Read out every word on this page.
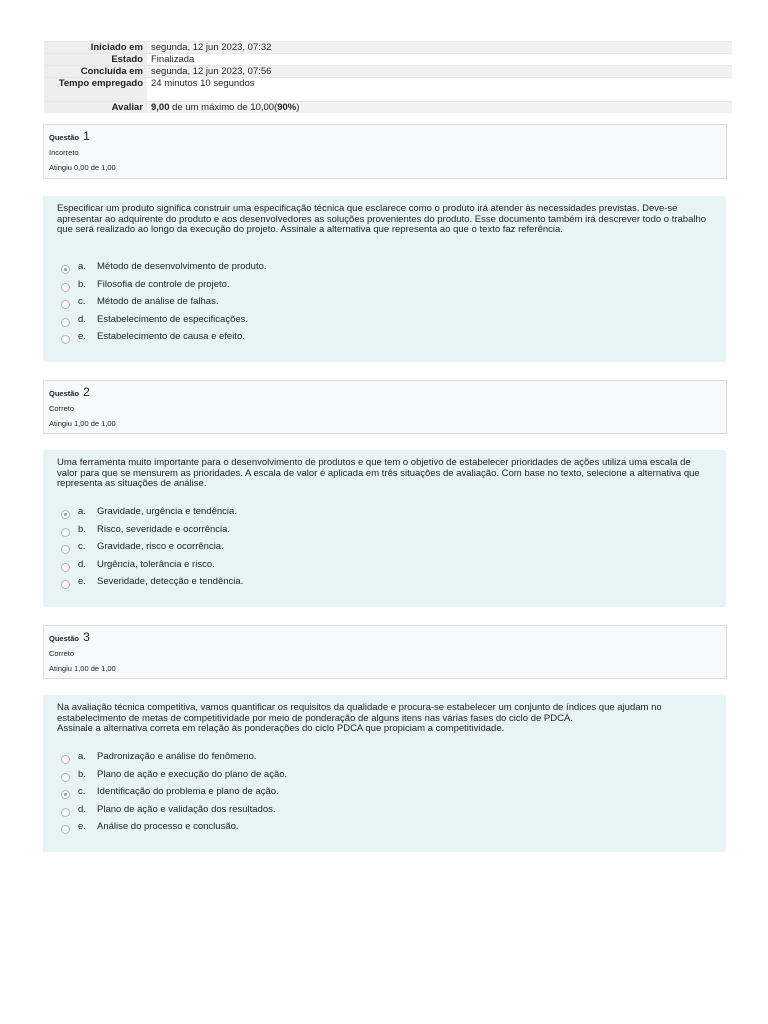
Iniciado em	segunda, 12 jun 2023, 07:32
Estado	Finalizada
Concluída em	segunda, 12 jun 2023, 07:56
Tempo empregado	24 minutos 10 segundos
Avaliar	9,00 de um máximo de 10,00(90%)
Questão 1
Incorreto
Atingiu 0,00 de 1,00
Especificar um produto significa construir uma especificação técnica que esclarece como o produto irá atender às necessidades previstas. Deve-se apresentar ao adquirente do produto e aos desenvolvedores as soluções provenientes do produto. Esse documento também irá descrever todo o trabalho que será realizado ao longo da execução do projeto. Assinale a alternativa que representa ao que o texto faz referência.
a. Método de desenvolvimento de produto.
b. Filosofia de controle de projeto.
c. Método de análise de falhas.
d. Estabelecimento de especificações.
e. Estabelecimento de causa e efeito.
Questão 2
Correto
Atingiu 1,00 de 1,00
Uma ferramenta muito importante para o desenvolvimento de produtos e que tem o objetivo de estabelecer prioridades de ações utiliza uma escala de valor para que se mensurem as prioridades. A escala de valor é aplicada em três situações de avaliação. Com base no texto, selecione a alternativa que representa as situações de análise.
a. Gravidade, urgência e tendência.
b. Risco, severidade e ocorrência.
c. Gravidade, risco e ocorrência.
d. Urgência, tolerância e risco.
e. Severidade, detecção e tendência.
Questão 3
Correto
Atingiu 1,00 de 1,00
Na avaliação técnica competitiva, vamos quantificar os requisitos da qualidade e procura-se estabelecer um conjunto de índices que ajudam no estabelecimento de metas de competitividade por meio de ponderação de alguns itens nas várias fases do ciclo de PDCA.
Assinale a alternativa correta em relação às ponderações do ciclo PDCA que propiciam a competitividade.
a. Padronização e análise do fenômeno.
b. Plano de ação e execução do plano de ação.
c. Identificação do problema e plano de ação.
d. Plano de ação e validação dos resultados.
e. Análise do processo e conclusão.
